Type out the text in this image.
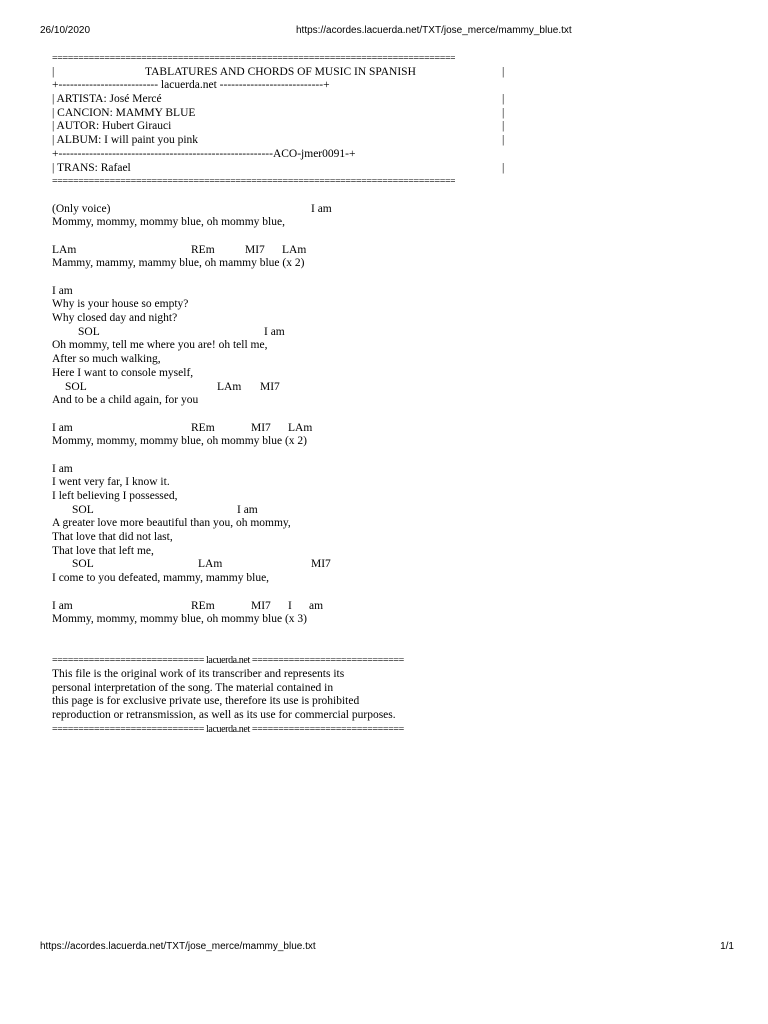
26/10/2020	https://acordes.lacuerda.net/TXT/jose_merce/mammy_blue.txt
=============================================================================

|

	TABLATURES AND CHORDS OF MUSIC IN SPANISH

	|

+-------------------------- lacuerda.net ---------------------------+

| ARTISTA: José Mercé

	|

| CANCION: MAMMY BLUE

	|

| AUTOR: Hubert Girauci

	|

| ALBUM: I will paint you pink

	|

+--------------------------------------------------------ACO-jmer0091-+

| TRANS: Rafael

	|

=============================================================================

(Only voice)

	I am

Mommy, mommy, mommy blue, oh mommy blue,

LAm

	REm

	MI7

LAm

Mammy, mammy, mammy blue, oh mammy blue (x 2)
I am
Why is your house so empty?
Why closed day and night?

SOL

	I am

Oh mommy, tell me where you are! oh tell me,
After so much walking,
Here I want to console myself,

SOL

	LAm

MI7

And to be a child again, for you

I am

	REm

	MI7

LAm

Mommy, mommy, mommy blue, oh mommy blue (x 2)
I am
I went very far, I know it.
I left believing I possessed,

SOL

	I am

A greater love more beautiful than you, oh mommy,
That love that did not last,
That love that left me,

SOL

	LAm

	MI7

I come to you defeated, mammy, mammy blue,

I am

	REm

	MI7

I

am

Mommy, mommy, mommy blue, oh mommy blue (x 3)
============================= lacuerda.net =============================
This file is the original work of its transcriber and represents its
personal interpretation of the song. The material contained in
this page is for exclusive private use, therefore its use is prohibited
reproduction or retransmission, as well as its use for commercial purposes.
============================= lacuerda.net =============================
https://acordes.lacuerda.net/TXT/jose_merce/mammy_blue.txt	1/1
